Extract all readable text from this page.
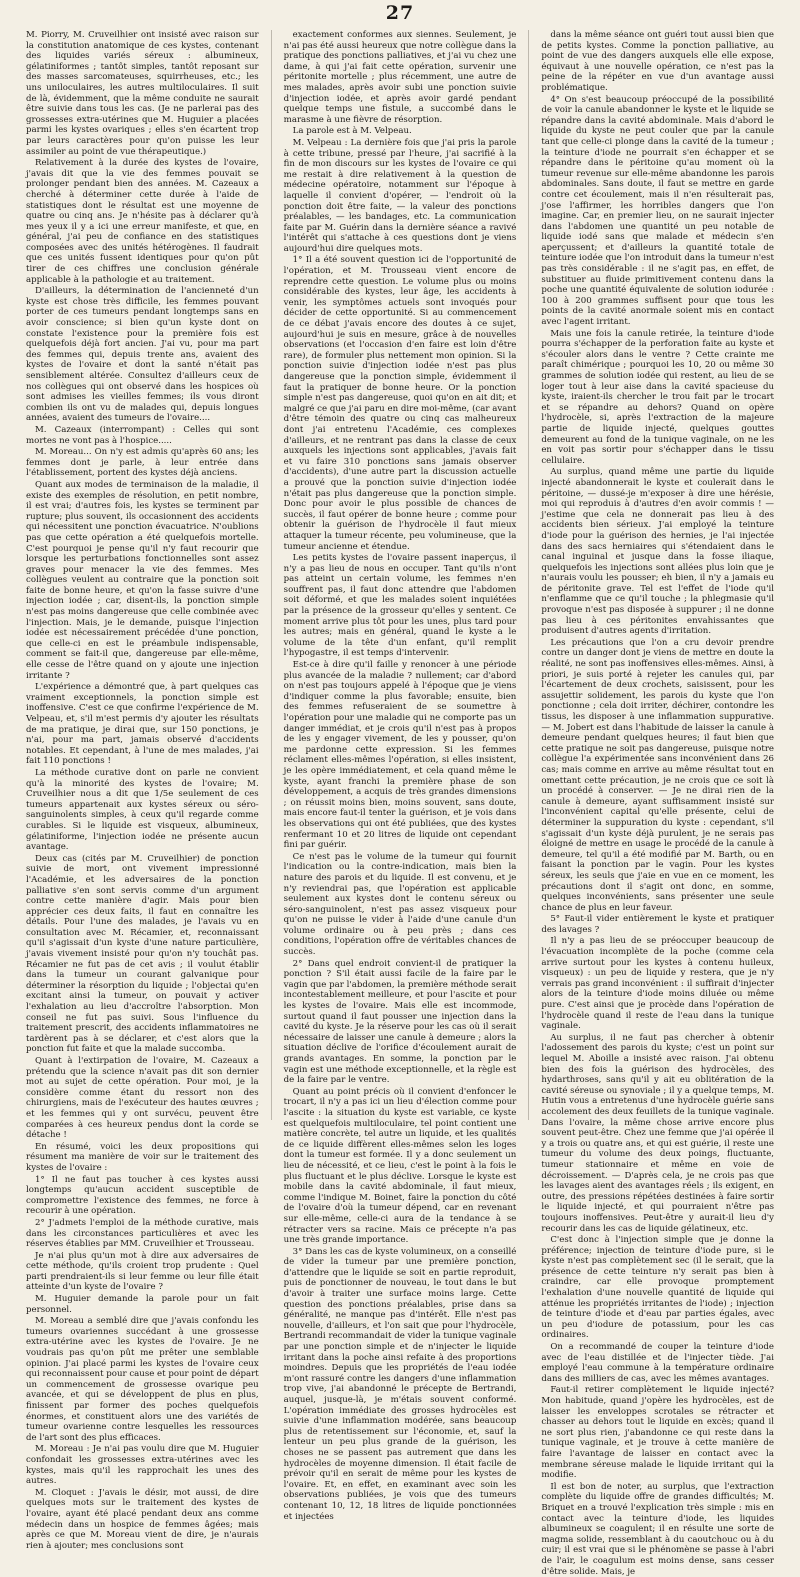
27

M. Piorry, M. Cruveilhier ont insisté avec raison sur la constitution anatomique de ces kystes, contenant des liquides variés séreux : albumineux, gélatiniformes ; tantôt simples, tantôt reposant sur des masses sarcomateuses, squirrheuses, etc.; les uns uniloculaires, les autres multiloculaires. Il suit de là, évidemment, que la même conduite ne saurait être suivie dans tous les cas. (Je ne parlerai pas des grossesses extra-utérines que M. Huguier a placées parmi les kystes ovariques ; elles s'en écartent trop par leurs caractères pour qu'on puisse les leur assimiler au point de vue thérapeutique.)

Relativement à la durée des kystes de l'ovaire, j'avais dit que la vie des femmes pouvait se prolonger pendant bien des années. M. Cazeaux a cherché à déterminer cette durée à l'aide de statistiques dont le résultat est une moyenne de quatre ou cinq ans. Je n'hésite pas à déclarer qu'à mes yeux il y a ici une erreur manifeste, et que, en général, j'ai peu de confiance en des statistiques composées avec des unités hétérogènes. Il faudrait que ces unités fussent identiques pour qu'on pût tirer de ces chiffres une conclusion générale applicable à la pathologie et au traitement.

D'ailleurs, la détermination de l'ancienneté d'un kyste est chose très difficile, les femmes pouvant porter de ces tumeurs pendant longtemps sans en avoir conscience; si bien qu'un kyste dont on constate l'existence pour la première fois est quelquefois déjà fort ancien. J'ai vu, pour ma part des femmes qui, depuis trente ans, avaient des kystes de l'ovaire et dont la santé n'était pas sensiblement altérée. Consultez d'ailleurs ceux de nos collègues qui ont observé dans les hospices où sont admises les vieilles femmes; ils vous diront combien ils ont vu de malades qui, depuis longues années, avaient des tumeurs de l'ovaire....

M. Cazeaux (interrompant) : Celles qui sont mortes ne vont pas à l'hospice.....

M. Moreau... On n'y est admis qu'après 60 ans; les femmes dont je parle, à leur entrée dans l'établissement, portent des kystes déjà anciens.

Quant aux modes de terminaison de la maladie, il existe des exemples de résolution, en petit nombre, il est vrai; d'autres fois, les kystes se terminent par rupture; plus souvent, ils occasionnent des accidents qui nécessitent une ponction évacuatrice. N'oublions pas que cette opération a été quelquefois mortelle. C'est pourquoi je pense qu'il n'y faut recourir que lorsque les perturbations fonctionnelles sont assez graves pour menacer la vie des femmes. Mes collègues veulent au contraire que la ponction soit faite de bonne heure, et qu'on la fasse suivre d'une injection iodée ; car, disent-ils, la ponction simple n'est pas moins dangereuse que celle combinée avec l'injection. Mais, je le demande, puisque l'injection iodée est nécessairement précédée d'une ponction, que celle-ci en est le préambule indispensable, comment se fait-il que, dangereuse par elle-même, elle cesse de l'être quand on y ajoute une injection irritante ?

L'expérience a démontré que, à part quelques cas vraiment exceptionnels, la ponction simple est inoffensive. C'est ce que confirme l'expérience de M. Velpeau, et, s'il m'est permis d'y ajouter les résultats de ma pratique, je dirai que, sur 150 ponctions, je n'ai, pour ma part, jamais observé d'accidents notables. Et cependant, à l'une de mes malades, j'ai fait 110 ponctions !

La méthode curative dont on parle ne convient qu'à la minorité des kystes de l'ovaire; M. Cruveilhier nous a dit que 1/5e seulement de ces tumeurs appartenait aux kystes séreux ou séro-sanguinolents simples, à ceux qu'il regarde comme curables. Si le liquide est visqueux, albumineux, gélatiniforme, l'injection iodée ne présente aucun avantage.

Deux cas (cités par M. Cruveilhier) de ponction suivie de mort, ont vivement impressionné l'Académie, et les adversaires de la ponction palliative s'en sont servis comme d'un argument contre cette manière d'agir. Mais pour bien apprécier ces deux faits, il faut en connaître les détails. Pour l'une des malades, je l'avais vu en consultation avec M. Récamier, et, reconnaissant qu'il s'agissait d'un kyste d'une nature particulière, j'avais vivement insisté pour qu'on n'y touchât pas. Récamier ne fut pas de cet avis ; il voulut établir dans la tumeur un courant galvanique pour déterminer la résorption du liquide ; l'objectai qu'en excitant ainsi la tumeur, on pouvait y activer l'exhalation au lieu d'accroître l'absorption. Mon conseil ne fut pas suivi. Sous l'influence du traitement prescrit, des accidents inflammatoires ne tardèrent pas à se déclarer, et c'est alors que la ponction fut faite et que la malade succomba.

Quant à l'extirpation de l'ovaire, M. Cazeaux a prétendu que la science n'avait pas dit son dernier mot au sujet de cette opération. Pour moi, je la considère comme étant du ressort non des chirurgiens, mais de l'exécuteur des hautes œuvres ; et les femmes qui y ont survécu, peuvent être comparées à ces heureux pendus dont la corde se détache !

En résumé, voici les deux propositions qui résument ma manière de voir sur le traitement des kystes de l'ovaire :

1° Il ne faut pas toucher à ces kystes aussi longtemps qu'aucun accident susceptible de compromettre l'existence des femmes, ne force à recourir à une opération.

2° J'admets l'emploi de la méthode curative, mais dans les circonstances particulières et avec les réserves établies par MM. Cruveilhier et Trousseau.

Je n'ai plus qu'un mot à dire aux adversaires de cette méthode, qu'ils croient trop prudente : Quel parti prendraient-ils si leur femme ou leur fille était atteinte d'un kyste de l'ovaire ?

M. Huguier demande la parole pour un fait personnel.

M. Moreau a semblé dire que j'avais confondu les tumeurs ovariennes succédant à une grossesse extra-utérine avec les kystes de l'ovaire. Je ne voudrais pas qu'on pût me prêter une semblable opinion. J'ai placé parmi les kystes de l'ovaire ceux qui reconnaissent pour cause et pour point de départ un commencement de grossesse ovarique peu avancée, et qui se développent de plus en plus, finissent par former des poches quelquefois énormes, et constituent alors une des variétés de tumeur ovarienne contre lesquelles les ressources de l'art sont des plus efficaces.

M. Moreau : Je n'ai pas voulu dire que M. Huguier confondait les grossesses extra-utérines avec les kystes, mais qu'il les rapprochait les unes des autres.

M. Cloquet : J'avais le désir, mot aussi, de dire quelques mots sur le traitement des kystes de l'ovaire, ayant été placé pendant deux ans comme médecin dans un hospice de femmes âgées; mais après ce que M. Moreau vient de dire, je n'aurais rien à ajouter; mes conclusions sont

exactement conformes aux siennes. Seulement, je n'ai pas été aussi heureux que notre collègue dans la pratique des ponctions palliatives, et j'ai vu chez une dame, à qui j'ai fait cette opération, survenir une péritonite mortelle ; plus récemment, une autre de mes malades, après avoir subi une ponction suivie d'injection iodée, et après avoir gardé pendant quelque temps une fistule, a succombé dans le marasme à une fièvre de résorption.

La parole est à M. Velpeau.

M. Velpeau : La dernière fois que j'ai pris la parole à cette tribune, pressé par l'heure, j'ai sacrifié à la fin de mon discours sur les kystes de l'ovaire ce qui me restait à dire relativement à la question de médecine opératoire, notamment sur l'époque à laquelle il convient d'opérer, — l'endroit où la ponction doit être faite, — la valeur des ponctions préalables, — les bandages, etc. La communication faite par M. Guérin dans la dernière séance a ravivé l'intérêt qui s'attache à ces questions dont je viens aujourd'hui dire quelques mots.

1° Il a été souvent question ici de l'opportunité de l'opération, et M. Trousseau vient encore de reprendre cette question. Le volume plus ou moins considérable des kystes, leur âge, les accidents à venir, les symptômes actuels sont invoqués pour décider de cette opportunité. Si au commencement de ce débat j'avais encore des doutes à ce sujet, aujourd'hui je suis en mesure, grâce à de nouvelles observations (et l'occasion d'en faire est loin d'être rare), de formuler plus nettement mon opinion. Si la ponction suivie d'injection iodée n'est pas plus dangereuse que la ponction simple, évidemment il faut la pratiquer de bonne heure. Or la ponction simple n'est pas dangereuse, quoi qu'on en ait dit; et malgré ce que j'ai paru en dire moi-même, (car avant d'être témoin des quatre ou cinq cas malheureux dont j'ai entretenu l'Académie, ces complexes d'ailleurs, et ne rentrant pas dans la classe de ceux auxquels les injections sont applicables, j'avais fait et vu faire 310 ponctions sans jamais observer d'accidents), d'une autre part la discussion actuelle a prouvé que la ponction suivie d'injection iodée n'était pas plus dangereuse que la ponction simple. Donc pour avoir le plus possible de chances de succès, il faut opérer de bonne heure ; comme pour obtenir la guérison de l'hydrocèle il faut mieux attaquer la tumeur récente, peu volumineuse, que la tumeur ancienne et étendue.

Les petits kystes de l'ovaire passent inaperçus, il n'y a pas lieu de nous en occuper. Tant qu'ils n'ont pas atteint un certain volume, les femmes n'en souffrent pas, il faut donc attendre que l'abdomen soit déformé, et que les malades soient inquiétées par la présence de la grosseur qu'elles y sentent. Ce moment arrive plus tôt pour les unes, plus tard pour les autres; mais en général, quand le kyste a le volume de la tête d'un enfant, qu'il remplit l'hypogastre, il est temps d'intervenir.

Est-ce à dire qu'il faille y renoncer à une période plus avancée de la maladie ? nullement; car d'abord on n'est pas toujours appelé à l'époque que je viens d'indiquer comme la plus favorable; ensuite, bien des femmes refuseraient de se soumettre à l'opération pour une maladie qui ne comporte pas un danger immédiat, et je crois qu'il n'est pas à propos de les y engager vivement, de les y pousser, qu'on me pardonne cette expression. Si les femmes réclament elles-mêmes l'opération, si elles insistent, je les opère immédiatement, et cela quand même le kyste, ayant franchi la première phase de son développement, a acquis de très grandes dimensions ; on réussit moins bien, moins souvent, sans doute, mais encore faut-il tenter la guérison, et je vois dans les observations qui ont été publiées, que des kystes renfermant 10 et 20 litres de liquide ont cependant fini par guérir.

Ce n'est pas le volume de la tumeur qui fournit l'indication ou la contre-indication, mais bien la nature des parois et du liquide. Il est convenu, et je n'y reviendrai pas, que l'opération est applicable seulement aux kystes dont le contenu séreux ou séro-sanguinolent, n'est pas assez visqueux pour qu'on ne puisse le vider à l'aide d'une canule d'un volume ordinaire ou à peu près ; dans ces conditions, l'opération offre de véritables chances de succès.

2° Dans quel endroit convient-il de pratiquer la ponction ? S'il était aussi facile de la faire par le vagin que par l'abdomen, la première méthode serait incontestablement meilleure, et pour l'ascite et pour les kystes de l'ovaire. Mais elle est incommode, surtout quand il faut pousser une injection dans la cavité du kyste. Je la réserve pour les cas où il serait nécessaire de laisser une canule à demeure ; alors la situation déclive de l'orifice d'écoulement aurait de grands avantages. En somme, la ponction par le vagin est une méthode exceptionnelle, et la règle est de la faire par le ventre.

Quant au point précis où il convient d'enfoncer le trocart, il n'y a pas ici un lieu d'élection comme pour l'ascite : la situation du kyste est variable, ce kyste est quelquefois multiloculaire, tel point contient une matière concrète, tel autre un liquide, et les qualités de ce liquide diffèrent elles-mêmes selon les loges dont la tumeur est formée. Il y a donc seulement un lieu de nécessité, et ce lieu, c'est le point à la fois le plus fluctuant et le plus déclive. Lorsque le kyste est mobile dans la cavité abdominale, il faut mieux, comme l'indique M. Boinet, faire la ponction du côté de l'ovaire d'où la tumeur dépend, car en revenant sur elle-même, celle-ci aura de la tendance à se rétracter vers sa racine. Mais ce précepte n'a pas une très grande importance.

3° Dans les cas de kyste volumineux, on a conseillé de vider la tumeur par une première ponction, d'attendre que le liquide se soit en partie reproduit, puis de ponctionner de nouveau, le tout dans le but d'avoir à traiter une surface moins large. Cette question des ponctions préalables, prise dans sa généralité, ne manque pas d'intérêt. Elle n'est pas nouvelle, d'ailleurs, et l'on sait que pour l'hydrocèle, Bertrandi recommandait de vider la tunique vaginale par une ponction simple et de n'injecter le liquide irritant dans la poche ainsi refaite à des proportions moindres. Depuis que les propriétés de l'eau iodée m'ont rassuré contre les dangers d'une inflammation trop vive, j'ai abandonné le précepte de Bertrandi, auquel, jusque-là, je m'étais souvent conformé. L'opération immédiate des grosses hydrocèles est suivie d'une inflammation modérée, sans beaucoup plus de retentissement sur l'économie, et, sauf la lenteur un peu plus grande de la guérison, les choses ne se passent pas autrement que dans les hydrocèles de moyenne dimension. Il était facile de prévoir qu'il en serait de même pour les kystes de l'ovaire. Et, en effet, en examinant avec soin les observations publiées, je vois que des tumeurs contenant 10, 12, 18 litres de liquide ponctionnées et injectées

dans la même séance ont guéri tout aussi bien que de petits kystes. Comme la ponction palliative, au point de vue des dangers auxquels elle elle expose, équivaut à une nouvelle opération, ce n'est pas la peine de la répéter en vue d'un avantage aussi problématique.

4° On s'est beaucoup préoccupé de la possibilité de voir la canule abandonner le kyste et le liquide se répandre dans la cavité abdominale. Mais d'abord le liquide du kyste ne peut couler que par la canule tant que celle-ci plonge dans la cavité de la tumeur ; la teinture d'iode ne pourrait s'en échapper et se répandre dans le péritoine qu'au moment où la tumeur revenue sur elle-même abandonne les parois abdominales. Sans doute, il faut se mettre en garde contre cet écoulement, mais il n'en résulterait pas, j'ose l'affirmer, les horribles dangers que l'on imagine. Car, en premier lieu, on ne saurait injecter dans l'abdomen une quantité un peu notable de liquide iodé sans que malade et médecin s'en aperçussent; et d'ailleurs la quantité totale de teinture iodée que l'on introduit dans la tumeur n'est pas très considérable : il ne s'agit pas, en effet, de substituer au fluide primitivement contenu dans la poche une quantité équivalente de solution iodurée : 100 à 200 grammes suffisent pour que tous les points de la cavité anormale soient mis en contact avec l'agent irritant.

Mais une fois la canule retirée, la teinture d'iode pourra s'échapper de la perforation faite au kyste et s'écouler alors dans le ventre ? Cette crainte me paraît chimérique ; pourquoi les 10, 20 ou même 30 grammes de solution iodée qui restent, au lieu de se loger tout à leur aise dans la cavité spacieuse du kyste, iraient-ils chercher le trou fait par le trocart et se répandre au dehors? Quand on opère l'hydrocèle, si, après l'extraction de la majeure partie de liquide injecté, quelques gouttes demeurent au fond de la tunique vaginale, on ne les en voit pas sortir pour s'échapper dans le tissu cellulaire.

Au surplus, quand même une partie du liquide injecté abandonnerait le kyste et coulerait dans le péritoine, — dussé-je m'exposer à dire une hérésie, moi qui reproduis à d'autres d'en avoir commis ! — j'estime que cela ne donnerait pas lieu à des accidents bien sérieux. J'ai employé la teinture d'iode pour la guérison des hernies, je l'ai injectée dans des sacs herniaires qui s'étendaient dans le canal inguinal et jusque dans la fosse iliaque, quelquefois les injections sont allées plus loin que je n'aurais voulu les pousser; eh bien, il n'y a jamais eu de péritonite grave. Tel est l'effet de l'iode qu'il n'enflamme que ce qu'il touche ; la phlegmasie qu'il provoque n'est pas disposée à suppurer ; il ne donne pas lieu à ces péritonites envahissantes que produisent d'autres agents d'irritation.

Les précautions que l'on a cru devoir prendre contre un danger dont je viens de mettre en doute la réalité, ne sont pas inoffensives elles-mêmes. Ainsi, à priori, je suis porté à rejeter les canules qui, par l'écartement de deux crochets, saisissent, pour les assujettir solidement, les parois du kyste que l'on ponctionne ; cela doit irriter, déchirer, contondre les tissus, les disposer à une inflammation suppurative. — M. Jobert est dans l'habitude de laisser la canule à demeure pendant quelques heures; il faut bien que cette pratique ne soit pas dangereuse, puisque notre collègue l'a expérimentée sans inconvénient dans 26 cas; mais comme en arrive au même résultat tout en omettant cette précaution, je ne crois que ce soit là un procédé à conserver. — Je ne dirai rien de la canule à demeure, ayant suffisamment insisté sur l'inconvénient capital qu'elle présente, celui de déterminer la suppuration du kyste : cependant, s'il s'agissait d'un kyste déjà purulent, je ne serais pas éloigné de mettre en usage le procédé de la canule à demeure, tel qu'il a été modifié par M. Barth, ou en faisant la ponction par le vagin. Pour les kystes séreux, les seuls que j'aie en vue en ce moment, les précautions dont il s'agit ont donc, en somme, quelques inconvénients, sans présenter une seule chance de plus en leur faveur.

5° Faut-il vider entièrement le kyste et pratiquer des lavages ?

Il n'y a pas lieu de se préoccuper beaucoup de l'évacuation incomplète de la poche (comme cela arrive surtout pour les kystes à contenu huileux, visqueux) : un peu de liquide y restera, que je n'y verrais pas grand inconvénient : il suffirait d'injecter alors de la teinture d'iode moins diluée ou même pure. C'est ainsi que je procède dans l'opération de l'hydrocèle quand il reste de l'eau dans la tunique vaginale.

Au surplus, il ne faut pas chercher à obtenir l'adossement des parois du kyste; c'est un point sur lequel M. Aboille a insisté avec raison. J'ai obtenu bien des fois la guérison des hydrocèles, des hydarthroses, sans qu'il y ait eu oblitération de la cavité séreuse ou synoviale ; il y a quelque temps, M. Hutin vous a entretenus d'une hydrocèle guérie sans accolement des deux feuillets de la tunique vaginale. Dans l'ovaire, la même chose arrive encore plus souvent peut-être. Chez une femme que j'ai opérée il y a trois ou quatre ans, et qui est guérie, il reste une tumeur du volume des deux poings, fluctuante, tumeur stationnaire et même en voie de décroissement. — D'après cela, je ne crois pas que les lavages aient des avantages réels ; ils exigent, en outre, des pressions répétées destinées à faire sortir le liquide injecté, et qui pourraient n'être pas toujours inoffensives. Peut-être y aurait-il lieu d'y recourir dans les cas de liquide gélatineux, etc.

C'est donc à l'injection simple que je donne la préférence; injection de teinture d'iode pure, si le kyste n'est pas complètement sec (il le serait, que la présence de cette teinture n'y serait pas bien à craindre, car elle provoque promptement l'exhalation d'une nouvelle quantité de liquide qui atténue les propriétés irritantes de l'iode) ; injection de teinture d'iode et d'eau par parties égales, avec un peu d'iodure de potassium, pour les cas ordinaires.

On a recommandé de couper la teinture d'iode avec de l'eau distillée et de l'injecter tiède. J'ai employé l'eau commune à la température ordinaire dans des milliers de cas, avec les mêmes avantages.

Faut-il retirer complètement le liquide injecté? Mon habitude, quand j'opère les hydrocèles, est de laisser les enveloppes scrotales se rétracter et chasser au dehors tout le liquide en excès; quand il ne sort plus rien, j'abandonne ce qui reste dans la tunique vaginale, et je trouve à cette manière de faire l'avantage de laisser en contact avec la membrane séreuse malade le liquide irritant qui la modifie.

Il est bon de noter, au surplus, que l'extraction complète du liquide offre de grandes difficultés; M. Briquet en a trouvé l'explication très simple : mis en contact avec la teinture d'iode, les liquides albumineux se coagulent; il en résulte une sorte de magma solide, ressemblant à du caoutchouc ou à du cuir; il est vrai que si le phénomène se passe à l'abri de l'air, le coagulum est moins dense, sans cesser d'être solide. Mais, je
